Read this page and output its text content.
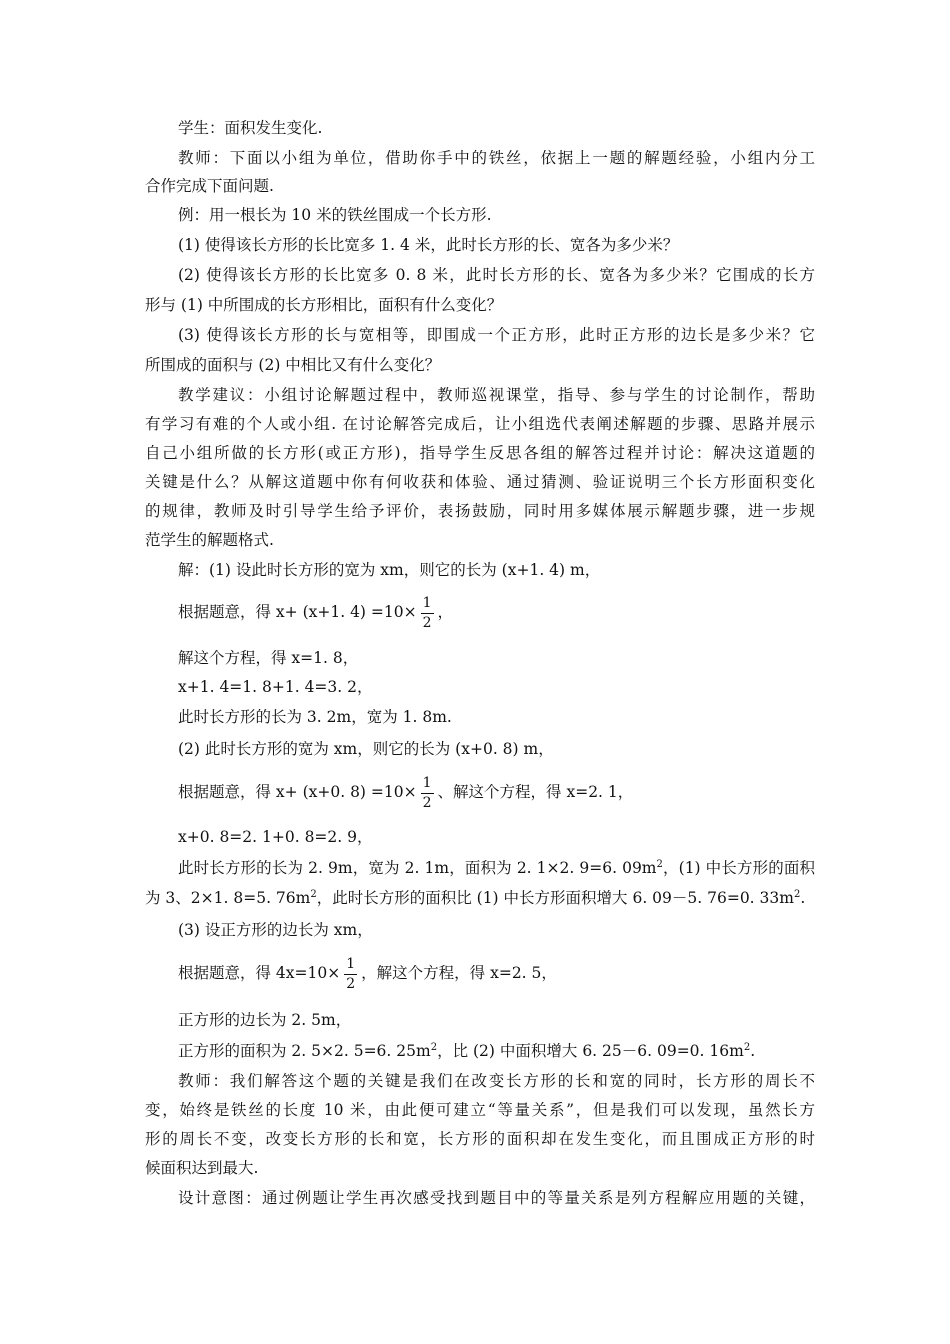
学生：面积发生变化.
教师：下面以小组为单位，借助你手中的铁丝，依据上一题的解题经验，小组内分工
合作完成下面问题.
例：用一根长为 10 米的铁丝围成一个长方形.
(1) 使得该长方形的长比宽多 1. 4 米，此时长方形的长、宽各为多少米？
(2) 使得该长方形的长比宽多 0. 8 米，此时长方形的长、宽各为多少米？它围成的长方
形与 (1) 中所围成的长方形相比，面积有什么变化？
(3) 使得该长方形的长与宽相等，即围成一个正方形，此时正方形的边长是多少米？它
所围成的面积与 (2) 中相比又有什么变化？
教学建议：小组讨论解题过程中，教师巡视课堂，指导、参与学生的讨论制作，帮助
有学习有难的个人或小组. 在讨论解答完成后，让小组选代表阐述解题的步骤、思路并展示
自己小组所做的长方形(或正方形)，指导学生反思各组的解答过程并讨论：解决这道题的
关键是什么？从解这道题中你有何收获和体验、通过猜测、验证说明三个长方形面积变化
的规律，教师及时引导学生给予评价，表扬鼓励，同时用多媒体展示解题步骤，进一步规
范学生的解题格式.
解：(1) 设此时长方形的宽为 xm，则它的长为 (x+1. 4) m，
根据题意，得 x+ (x+1. $4) =10\times \frac{1}{2}$ ，
解这个方程，得 x=1. 8，
x+1. 4=1. 8+1. 4=3. 2，
此时长方形的长为 3. 2m，宽为 1. 8m.
(2) 此时长方形的宽为 xm，则它的长为 (x+0. 8) m，
根据题意，得 x+ (x+0. $8) =10\times \frac{1}{2}$ 、解这个方程，得 x=2. 1，
x+0. 8=2. 1+0. 8=2. 9，
此时长方形的长为 2. 9m，宽为 2. 1m，面积为 2. 1×2. 9=6. $09m^2$，(1) 中长方形的面积
为 3、2×1. 8=5. $76m^2$，此时长方形的面积比 (1) 中长方形面积增大 6. 09－5. 76=0. $33m^2$.
(3) 设正方形的边长为 xm，
根据题意，得 $4x=10\times \frac{1}{2}$ ，解这个方程，得 x=2. 5，
正方形的边长为 2. 5m，
正方形的面积为 2. 5×2. 5=6. $25m^2$，比 (2) 中面积增大 6. 25－6. 09=0. $16m^2$.
教师：我们解答这个题的关键是我们在改变长方形的长和宽的同时，长方形的周长不
变，始终是铁丝的长度 10 米，由此便可建立“等量关系”，但是我们可以发现，虽然长方
形的周长不变，改变长方形的长和宽，长方形的面积却在发生变化，而且围成正方形的时
候面积达到最大.
设计意图：通过例题让学生再次感受找到题目中的等量关系是列方程解应用题的关键，
